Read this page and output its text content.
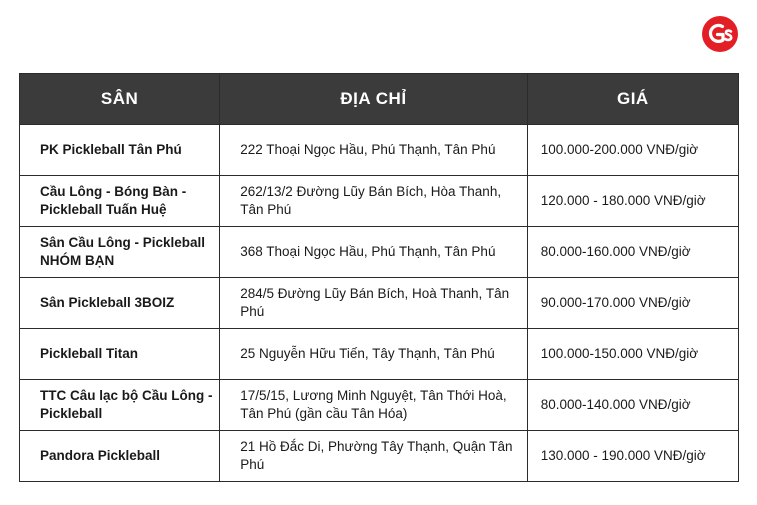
SÂN	ĐỊA CHỈ	GIÁ
PK Pickleball Tân Phú	222 Thoại Ngọc Hầu, Phú Thạnh, Tân Phú	100.000-200.000 VNĐ/giờ
Cầu Lông - Bóng Bàn - Pickleball Tuấn Huệ	262/13/2 Đường Lũy Bán Bích, Hòa Thanh, Tân Phú	120.000 - 180.000 VNĐ/giờ
Sân Cầu Lông - Pickleball NHÓM BẠN	368 Thoại Ngọc Hầu, Phú Thạnh, Tân Phú	80.000-160.000 VNĐ/giờ
Sân Pickleball 3BOIZ	284/5 Đường Lũy Bán Bích, Hoà Thanh, Tân Phú	90.000-170.000 VNĐ/giờ
Pickleball Titan	25 Nguyễn Hữu Tiến, Tây Thạnh, Tân Phú	100.000-150.000 VNĐ/giờ
TTC Câu lạc bộ Cầu Lông - Pickleball	17/5/15, Lương Minh Nguyệt, Tân Thới Hoà, Tân Phú (gần cầu Tân Hóa)	80.000-140.000 VNĐ/giờ
Pandora Pickleball	21 Hồ Đắc Di, Phường Tây Thạnh, Quận Tân Phú	130.000 - 190.000 VNĐ/giờ
